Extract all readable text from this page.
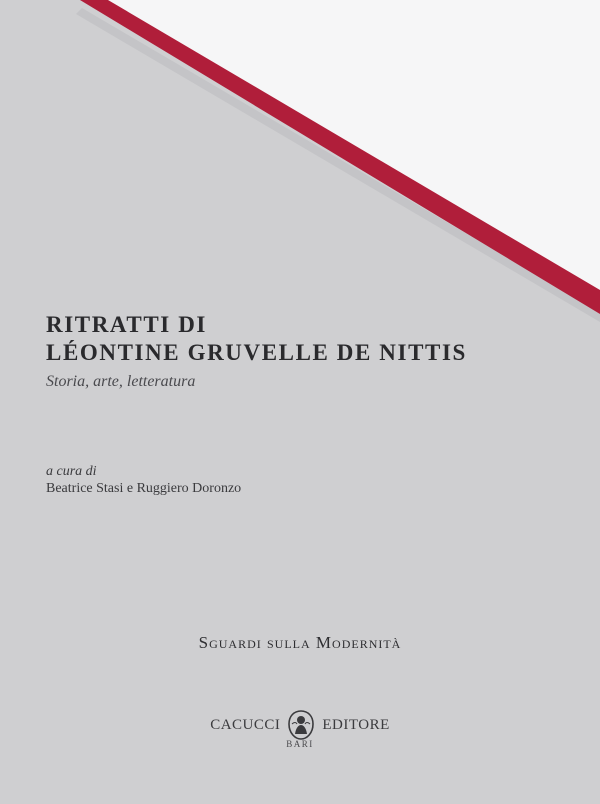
RITRATTI DI
LÉONTINE GRUVELLE DE NITTIS
Storia, arte, letteratura
a cura di
Beatrice Stasi e Ruggiero Doronzo
Sguardi sulla Modernità
CACUCCI	EDITORE
BARI
